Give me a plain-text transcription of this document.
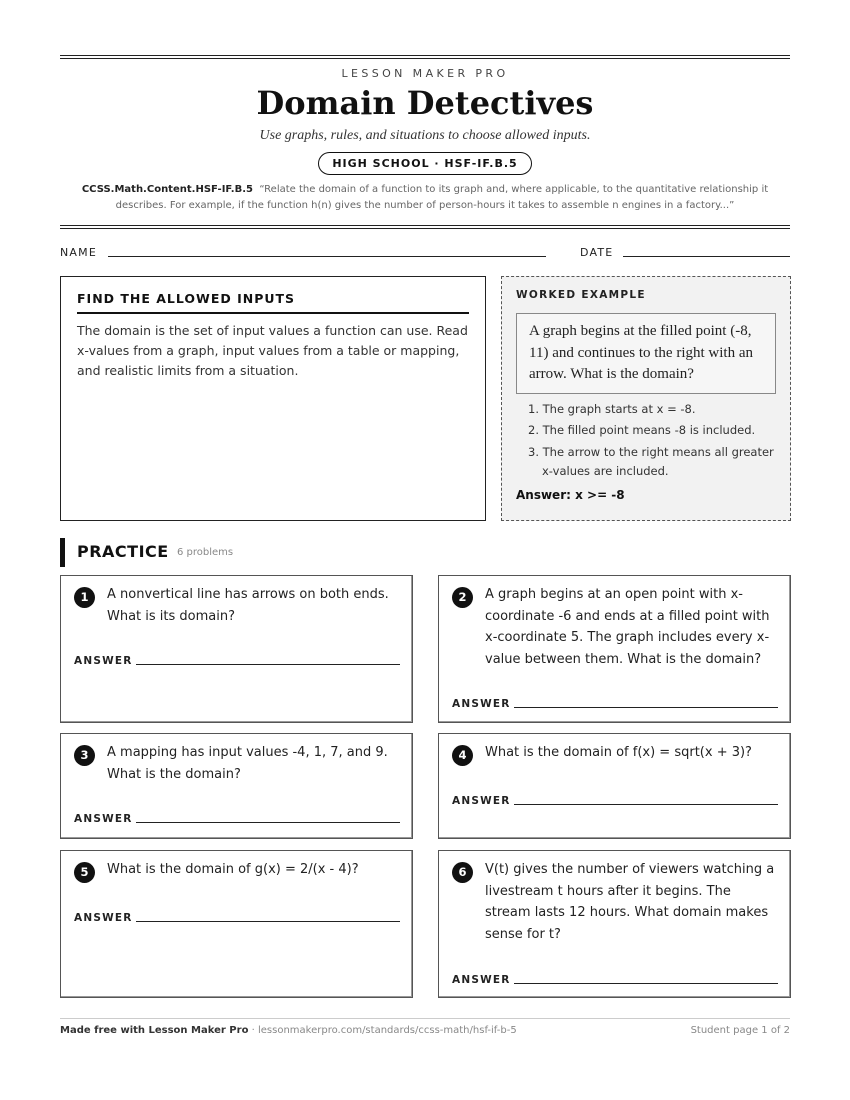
LESSON MAKER PRO
Domain Detectives
Use graphs, rules, and situations to choose allowed inputs.
HIGH SCHOOL · HSF-IF.B.5
CCSS.Math.Content.HSF-IF.B.5 “Relate the domain of a function to its graph and, where applicable, to the quantitative relationship it describes. For example, if the function h(n) gives the number of person-hours it takes to assemble n engines in a factory...”
NAME	DATE
FIND THE ALLOWED INPUTS
The domain is the set of input values a function can use. Read x-values from a graph, input values from a table or mapping, and realistic limits from a situation.
WORKED EXAMPLE
A graph begins at the filled point (-8, 11) and continues to the right with an arrow. What is the domain?
1. The graph starts at x = -8.
2. The filled point means -8 is included.
3. The arrow to the right means all greater x-values are included.
Answer: x >= -8
PRACTICE 6 problems
1	A nonvertical line has arrows on both ends. What is its domain?
ANSWER
2	A graph begins at an open point with x-coordinate -6 and ends at a filled point with x-coordinate 5. The graph includes every x-value between them. What is the domain?
ANSWER
3	A mapping has input values -4, 1, 7, and 9. What is the domain?
ANSWER
4	What is the domain of f(x) = sqrt(x + 3)?
ANSWER
5	What is the domain of g(x) = 2/(x - 4)?
ANSWER
6	V(t) gives the number of viewers watching a livestream t hours after it begins. The stream lasts 12 hours. What domain makes sense for t?
ANSWER
Made free with Lesson Maker Pro · lessonmakerpro.com/standards/ccss-math/hsf-if-b-5	Student page 1 of 2
